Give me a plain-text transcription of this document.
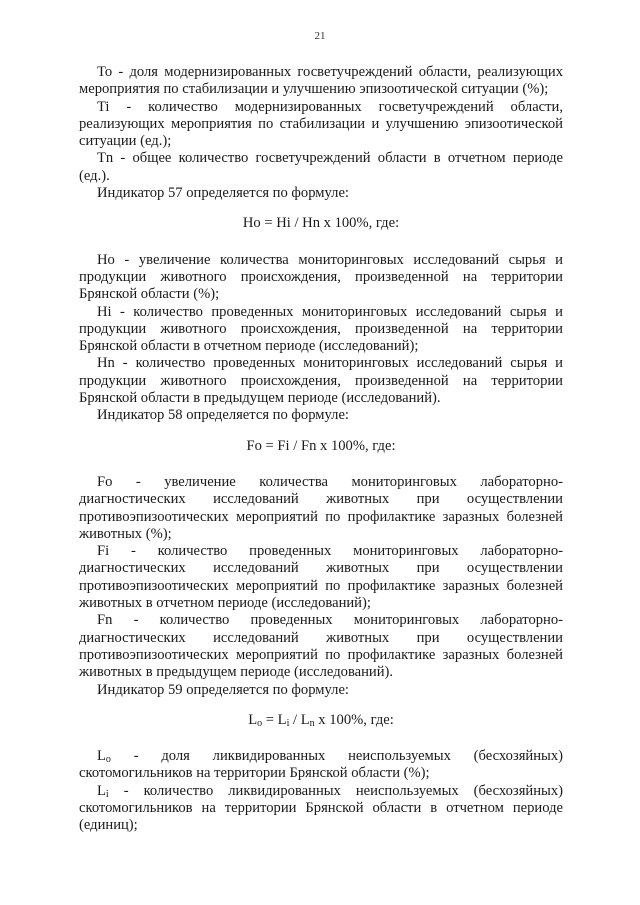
21

To - доля модернизированных госветучреждений области, реализующих мероприятия по стабилизации и улучшению эпизоотической ситуации (%);

Ti - количество модернизированных госветучреждений области, реализующих мероприятия по стабилизации и улучшению эпизоотической ситуации (ед.);

Tn - общее количество госветучреждений области в отчетном периоде (ед.).

Индикатор 57 определяется по формуле:

Ho = Hi / Hn х 100%, где:

Ho - увеличение количества мониторинговых исследований сырья и продукции животного происхождения, произведенной на территории Брянской области (%);

Hi - количество проведенных мониторинговых исследований сырья и продукции животного происхождения, произведенной на территории Брянской области в отчетном периоде (исследований);

Hn - количество проведенных мониторинговых исследований сырья и продукции животного происхождения, произведенной на территории Брянской области в предыдущем периоде (исследований).

Индикатор 58 определяется по формуле:

Fo = Fi / Fn х 100%, где:

Fo - увеличение количества мониторинговых лабораторно-диагностических исследований животных при осуществлении противоэпизоотических мероприятий по профилактике заразных болезней животных (%);

Fi - количество проведенных мониторинговых лабораторно-диагностических исследований животных при осуществлении противоэпизоотических мероприятий по профилактике заразных болезней животных в отчетном периоде (исследований);

Fn - количество проведенных мониторинговых лабораторно-диагностических исследований животных при осуществлении противоэпизоотических мероприятий по профилактике заразных болезней животных в предыдущем периоде (исследований).

Индикатор 59 определяется по формуле:

$L_o = L_i / L_n$ х 100%, где:

$L_o$ - доля ликвидированных неиспользуемых (бесхозяйных) скотомогильников на территории Брянской области (%);

$L_i$ - количество ликвидированных неиспользуемых (бесхозяйных) скотомогильников на территории Брянской области в отчетном периоде (единиц);
